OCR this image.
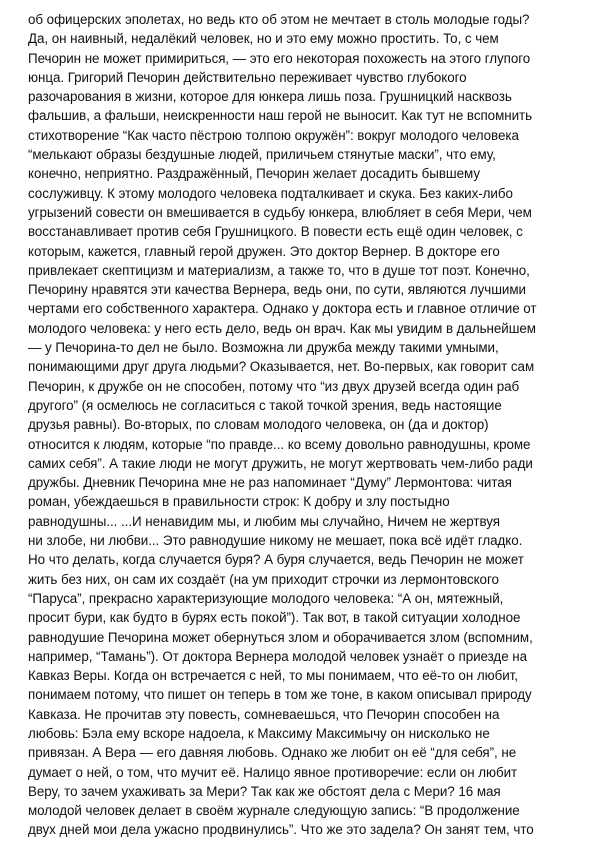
об офицерских эполетах, но ведь кто об этом не мечтает в столь молодые годы?
Да, он наивный, недалёкий человек, но и это ему можно простить. То, с чем
Печорин не может примириться, — это его некоторая похожесть на этого глупого
юнца. Григорий Печорин действительно переживает чувство глубокого
разочарования в жизни, которое для юнкера лишь поза. Грушницкий насквозь
фальшив, а фальши, неискренности наш герой не выносит. Как тут не вспомнить
стихотворение “Как часто пёстрою толпою окружён”: вокруг молодого человека
“мелькают образы бездушные людей, приличьем стянутые маски”, что ему,
конечно, неприятно. Раздражённый, Печорин желает досадить бывшему
сослуживцу. К этому молодого человека подталкивает и скука. Без каких-либо
угрызений совести он вмешивается в судьбу юнкера, влюбляет в себя Мери, чем
восстанавливает против себя Грушницкого. В повести есть ещё один человек, с
которым, кажется, главный герой дружен. Это доктор Вернер. В докторе его
привлекает скептицизм и материализм, а также то, что в душе тот поэт. Конечно,
Печорину нравятся эти качества Вернера, ведь они, по сути, являются лучшими
чертами его собственного характера. Однако у доктора есть и главное отличие от
молодого человека: у него есть дело, ведь он врач. Как мы увидим в дальнейшем
— у Печорина-то дел не было. Возможна ли дружба между такими умными,
понимающими друг друга людьми? Оказывается, нет. Во-первых, как говорит сам
Печорин, к дружбе он не способен, потому что “из двух друзей всегда один раб
другого” (я осмелюсь не согласиться с такой точкой зрения, ведь настоящие
друзья равны). Во-вторых, по словам молодого человека, он (да и доктор)
относится к людям, которые “по правде... ко всему довольно равнодушны, кроме
самих себя”. А такие люди не могут дружить, не могут жертвовать чем-либо ради
дружбы. Дневник Печорина мне не раз напоминает “Думу” Лермонтова: читая
роман, убеждаешься в правильности строк: К добру и злу постыдно
равнодушны... ...И ненавидим мы, и любим мы случайно, Ничем не жертвуя
ни злобе, ни любви... Это равнодушие никому не мешает, пока всё идёт гладко.
Но что делать, когда случается буря? А буря случается, ведь Печорин не может
жить без них, он сам их создаёт (на ум приходит строчки из лермонтовского
“Паруса”, прекрасно характеризующие молодого человека: “А он, мятежный,
просит бури, как будто в бурях есть покой”). Так вот, в такой ситуации холодное
равнодушие Печорина может обернуться злом и оборачивается злом (вспомним,
например, “Тамань”). От доктора Вернера молодой человек узнаёт о приезде на
Кавказ Веры. Когда он встречается с ней, то мы понимаем, что её-то он любит,
понимаем потому, что пишет он теперь в том же тоне, в каком описывал природу
Кавказа. Не прочитав эту повесть, сомневаешься, что Печорин способен на
любовь: Бэла ему вскоре надоела, к Максиму Максимычу он нисколько не
привязан. А Вера — его давняя любовь. Однако же любит он её “для себя”, не
думает о ней, о том, что мучит её. Налицо явное противоречие: если он любит
Веру, то зачем ухаживать за Мери? Так как же обстоят дела с Мери? 16 мая
молодой человек делает в своём журнале следующую запись: “В продолжение
двух дней мои дела ужасно продвинулись”. Что же это задела? Он занят тем, что
